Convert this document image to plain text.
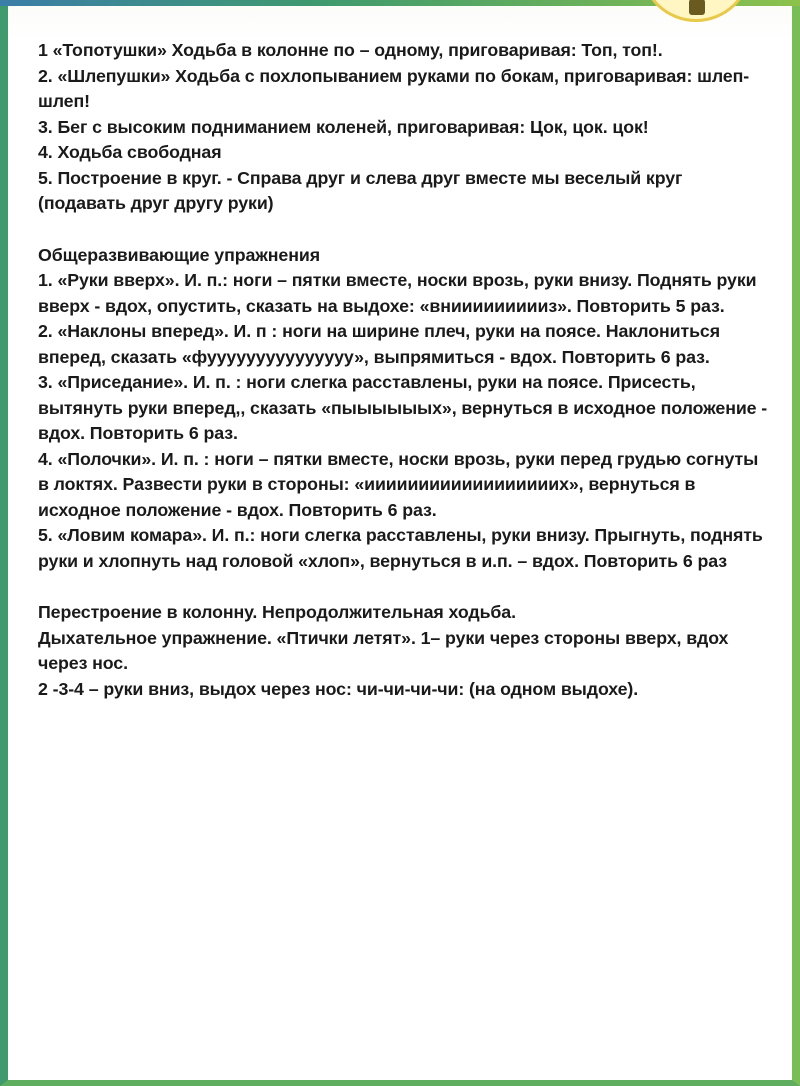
1 «Топотушки» Ходьба в колонне по – одному, приговаривая: Топ, топ!.

2. «Шлепушки» Ходьба с похлопыванием руками по бокам, приговаривая: шлеп-шлеп!

3. Бег с высоким подниманием коленей, приговаривая: Цок, цок. цок!

4. Ходьба свободная

5. Построение в круг. - Справа друг и слева друг вместе мы веселый круг (подавать друг другу руки)

Общеразвивающие упражнения

1. «Руки вверх». И. п.: ноги – пятки вместе, носки врозь, руки внизу. Поднять руки вверх - вдох, опустить, сказать на выдохе: «вниииииииииз». Повторить 5 раз.

2. «Наклоны вперед». И. п : ноги на ширине плеч, руки на поясе. Наклониться вперед, сказать «фууууууууууууууу», выпрямиться - вдох. Повторить 6 раз.

3. «Приседание». И. п. : ноги слегка расставлены, руки на поясе. Присесть, вытянуть руки вперед,, сказать «пыыыыыых», вернуться в исходное положение - вдох. Повторить 6 раз.

4. «Полочки». И. п. : ноги – пятки вместе, носки врозь, руки перед грудью согнуты в локтях. Развести руки в стороны: «иииииииииииииииииих», вернуться в исходное положение - вдох. Повторить 6 раз.

5. «Ловим комара». И. п.: ноги слегка расставлены, руки внизу. Прыгнуть, поднять руки и хлопнуть над головой «хлоп», вернуться в и.п. – вдох. Повторить 6 раз

Перестроение в колонну. Непродолжительная ходьба.

Дыхательное упражнение. «Птички летят». 1– руки через стороны вверх, вдох через нос.

2 -3-4 – руки вниз, выдох через нос: чи-чи-чи-чи: (на одном выдохе).
